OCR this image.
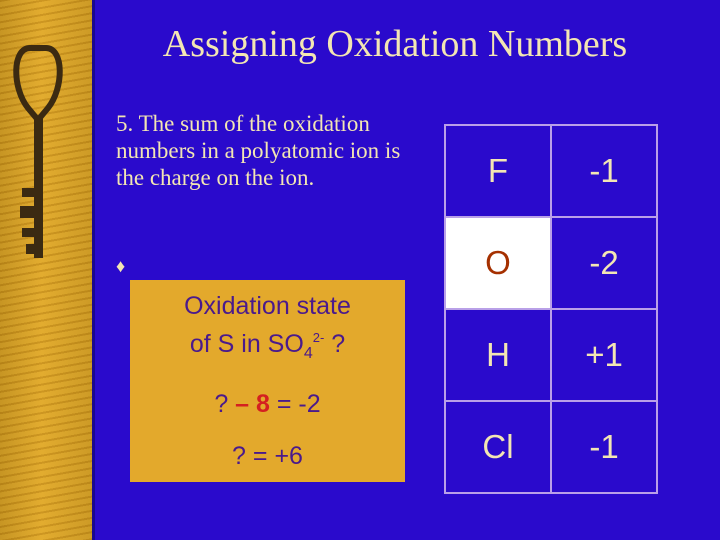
Assigning Oxidation Numbers
5. The sum of the oxidation numbers in a polyatomic ion is the charge on the ion.
♦
Oxidation state
of S in $SO_4^{2-}$ ?
? – 8 = -2
? = +6
F	-1
O	-2
H	+1
Cl	-1
